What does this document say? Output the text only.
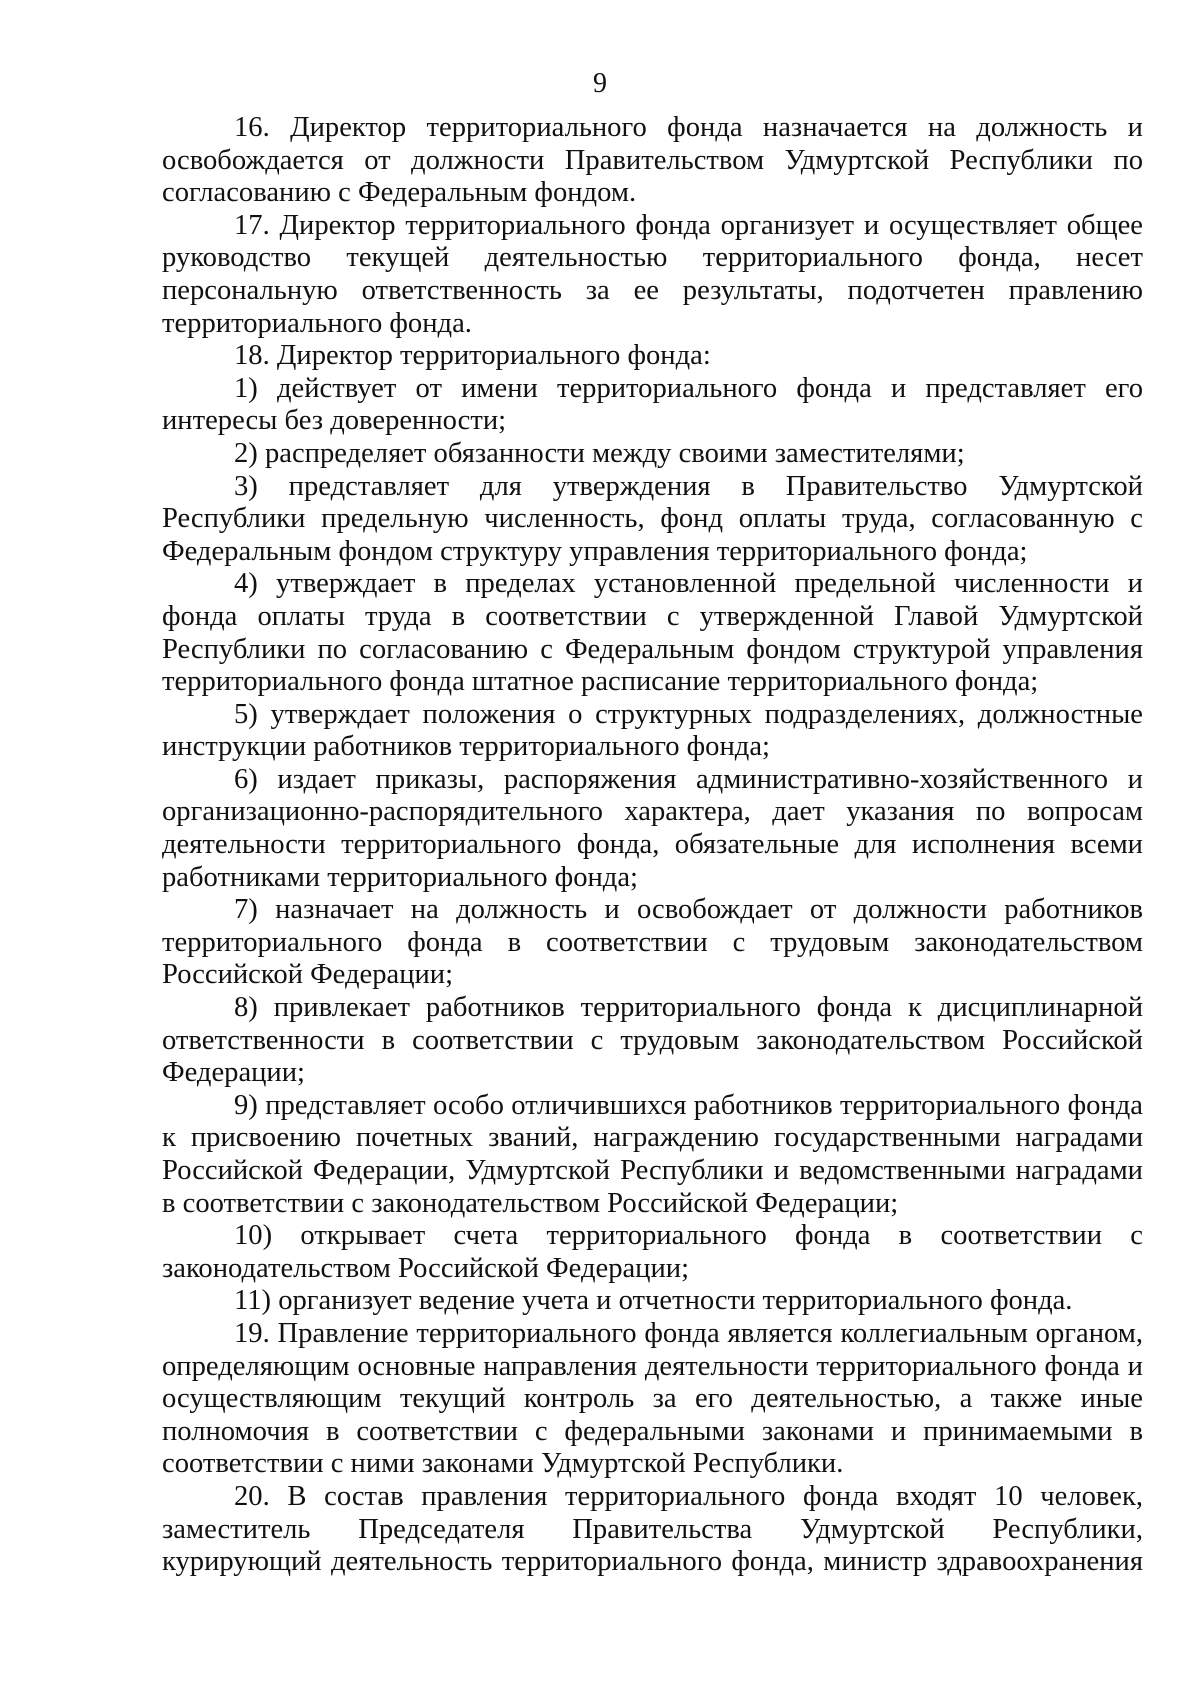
9

16. Директор территориального фонда назначается на должность и освобождается от должности Правительством Удмуртской Республики по согласованию с Федеральным фондом.

17. Директор территориального фонда организует и осуществляет общее руководство текущей деятельностью территориального фонда, несет персональную ответственность за ее результаты, подотчетен правлению территориального фонда.

18. Директор территориального фонда:

1) действует от имени территориального фонда и представляет его интересы без доверенности;

2) распределяет обязанности между своими заместителями;

3) представляет для утверждения в Правительство Удмуртской Республики предельную численность, фонд оплаты труда, согласованную с Федеральным фондом структуру управления территориального фонда;

4) утверждает в пределах установленной предельной численности и фонда оплаты труда в соответствии с утвержденной Главой Удмуртской Республики по согласованию с Федеральным фондом структурой управления территориального фонда штатное расписание территориального фонда;

5) утверждает положения о структурных подразделениях, должностные инструкции работников территориального фонда;

6) издает приказы, распоряжения административно-хозяйственного и организационно-распорядительного характера, дает указания по вопросам деятельности территориального фонда, обязательные для исполнения всеми работниками территориального фонда;

7) назначает на должность и освобождает от должности работников территориального фонда в соответствии с трудовым законодательством Российской Федерации;

8) привлекает работников территориального фонда к дисциплинарной ответственности в соответствии с трудовым законодательством Российской Федерации;

9) представляет особо отличившихся работников территориального фонда к присвоению почетных званий, награждению государственными наградами Российской Федерации, Удмуртской Республики и ведомственными наградами в соответствии с законодательством Российской Федерации;

10) открывает счета территориального фонда в соответствии с законодательством Российской Федерации;

11) организует ведение учета и отчетности территориального фонда.

19. Правление территориального фонда является коллегиальным органом, определяющим основные направления деятельности территориального фонда и осуществляющим текущий контроль за его деятельностью, а также иные полномочия в соответствии с федеральными законами и принимаемыми в соответствии с ними законами Удмуртской Республики.

20. В состав правления территориального фонда входят 10 человек, заместитель Председателя Правительства Удмуртской Республики, курирующий деятельность территориального фонда, министр здравоохранения
